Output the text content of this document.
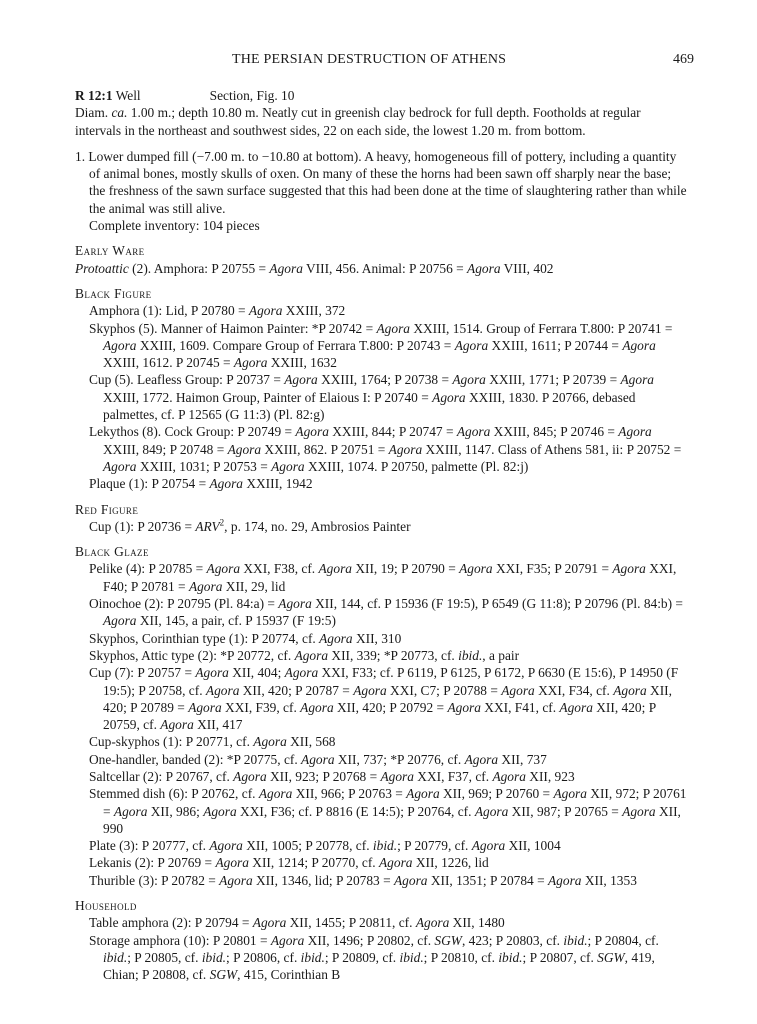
THE PERSIAN DESTRUCTION OF ATHENS	469

R 12:1 Well	Section, Fig. 10

Diam. ca. 1.00 m.; depth 10.80 m. Neatly cut in greenish clay bedrock for full depth. Footholds at regular intervals in the northeast and southwest sides, 22 on each side, the lowest 1.20 m. from bottom.

1. Lower dumped fill (−7.00 m. to −10.80 at bottom). A heavy, homogeneous fill of pottery, including a quantity of animal bones, mostly skulls of oxen. On many of these the horns had been sawn off sharply near the base; the freshness of the sawn surface suggested that this had been done at the time of slaughtering rather than while the animal was still alive.

Complete inventory: 104 pieces

Early Ware

Protoattic (2). Amphora: P 20755 = Agora VIII, 456. Animal: P 20756 = Agora VIII, 402

Black Figure

Amphora (1): Lid, P 20780 = Agora XXIII, 372

Skyphos (5). Manner of Haimon Painter: *P 20742 = Agora XXIII, 1514. Group of Ferrara T.800: P 20741 = Agora XXIII, 1609. Compare Group of Ferrara T.800: P 20743 = Agora XXIII, 1611; P 20744 = Agora XXIII, 1612. P 20745 = Agora XXIII, 1632

Cup (5). Leafless Group: P 20737 = Agora XXIII, 1764; P 20738 = Agora XXIII, 1771; P 20739 = Agora XXIII, 1772. Haimon Group, Painter of Elaious I: P 20740 = Agora XXIII, 1830. P 20766, debased palmettes, cf. P 12565 (G 11:3) (Pl. 82:g)

Lekythos (8). Cock Group: P 20749 = Agora XXIII, 844; P 20747 = Agora XXIII, 845; P 20746 = Agora XXIII, 849; P 20748 = Agora XXIII, 862. P 20751 = Agora XXIII, 1147. Class of Athens 581, ii: P 20752 = Agora XXIII, 1031; P 20753 = Agora XXIII, 1074. P 20750, palmette (Pl. 82:j)

Plaque (1): P 20754 = Agora XXIII, 1942

Red Figure

Cup (1): P $20736 = ARV^2$, p. 174, no. 29, Ambrosios Painter

Black Glaze

Pelike (4): P 20785 = Agora XXI, F38, cf. Agora XII, 19; P 20790 = Agora XXI, F35; P 20791 = Agora XXI, F40; P 20781 = Agora XII, 29, lid

Oinochoe (2): P 20795 (Pl. 84:a) = Agora XII, 144, cf. P 15936 (F 19:5), P 6549 (G 11:8); P 20796 (Pl. 84:b) = Agora XII, 145, a pair, cf. P 15937 (F 19:5)

Skyphos, Corinthian type (1): P 20774, cf. Agora XII, 310

Skyphos, Attic type (2): *P 20772, cf. Agora XII, 339; *P 20773, cf. ibid., a pair

Cup (7): P 20757 = Agora XII, 404; Agora XXI, F33; cf. P 6119, P 6125, P 6172, P 6630 (E 15:6), P 14950 (F 19:5); P 20758, cf. Agora XII, 420; P 20787 = Agora XXI, C7; P 20788 = Agora XXI, F34, cf. Agora XII, 420; P 20789 = Agora XXI, F39, cf. Agora XII, 420; P 20792 = Agora XXI, F41, cf. Agora XII, 420; P 20759, cf. Agora XII, 417

Cup-skyphos (1): P 20771, cf. Agora XII, 568

One-handler, banded (2): *P 20775, cf. Agora XII, 737; *P 20776, cf. Agora XII, 737

Saltcellar (2): P 20767, cf. Agora XII, 923; P 20768 = Agora XXI, F37, cf. Agora XII, 923

Stemmed dish (6): P 20762, cf. Agora XII, 966; P 20763 = Agora XII, 969; P 20760 = Agora XII, 972; P 20761 = Agora XII, 986; Agora XXI, F36; cf. P 8816 (E 14:5); P 20764, cf. Agora XII, 987; P 20765 = Agora XII, 990

Plate (3): P 20777, cf. Agora XII, 1005; P 20778, cf. ibid.; P 20779, cf. Agora XII, 1004

Lekanis (2): P 20769 = Agora XII, 1214; P 20770, cf. Agora XII, 1226, lid

Thurible (3): P 20782 = Agora XII, 1346, lid; P 20783 = Agora XII, 1351; P 20784 = Agora XII, 1353

Household

Table amphora (2): P 20794 = Agora XII, 1455; P 20811, cf. Agora XII, 1480

Storage amphora (10): P 20801 = Agora XII, 1496; P 20802, cf. SGW, 423; P 20803, cf. ibid.; P 20804, cf. ibid.; P 20805, cf. ibid.; P 20806, cf. ibid.; P 20809, cf. ibid.; P 20810, cf. ibid.; P 20807, cf. SGW, 419, Chian; P 20808, cf. SGW, 415, Corinthian B
